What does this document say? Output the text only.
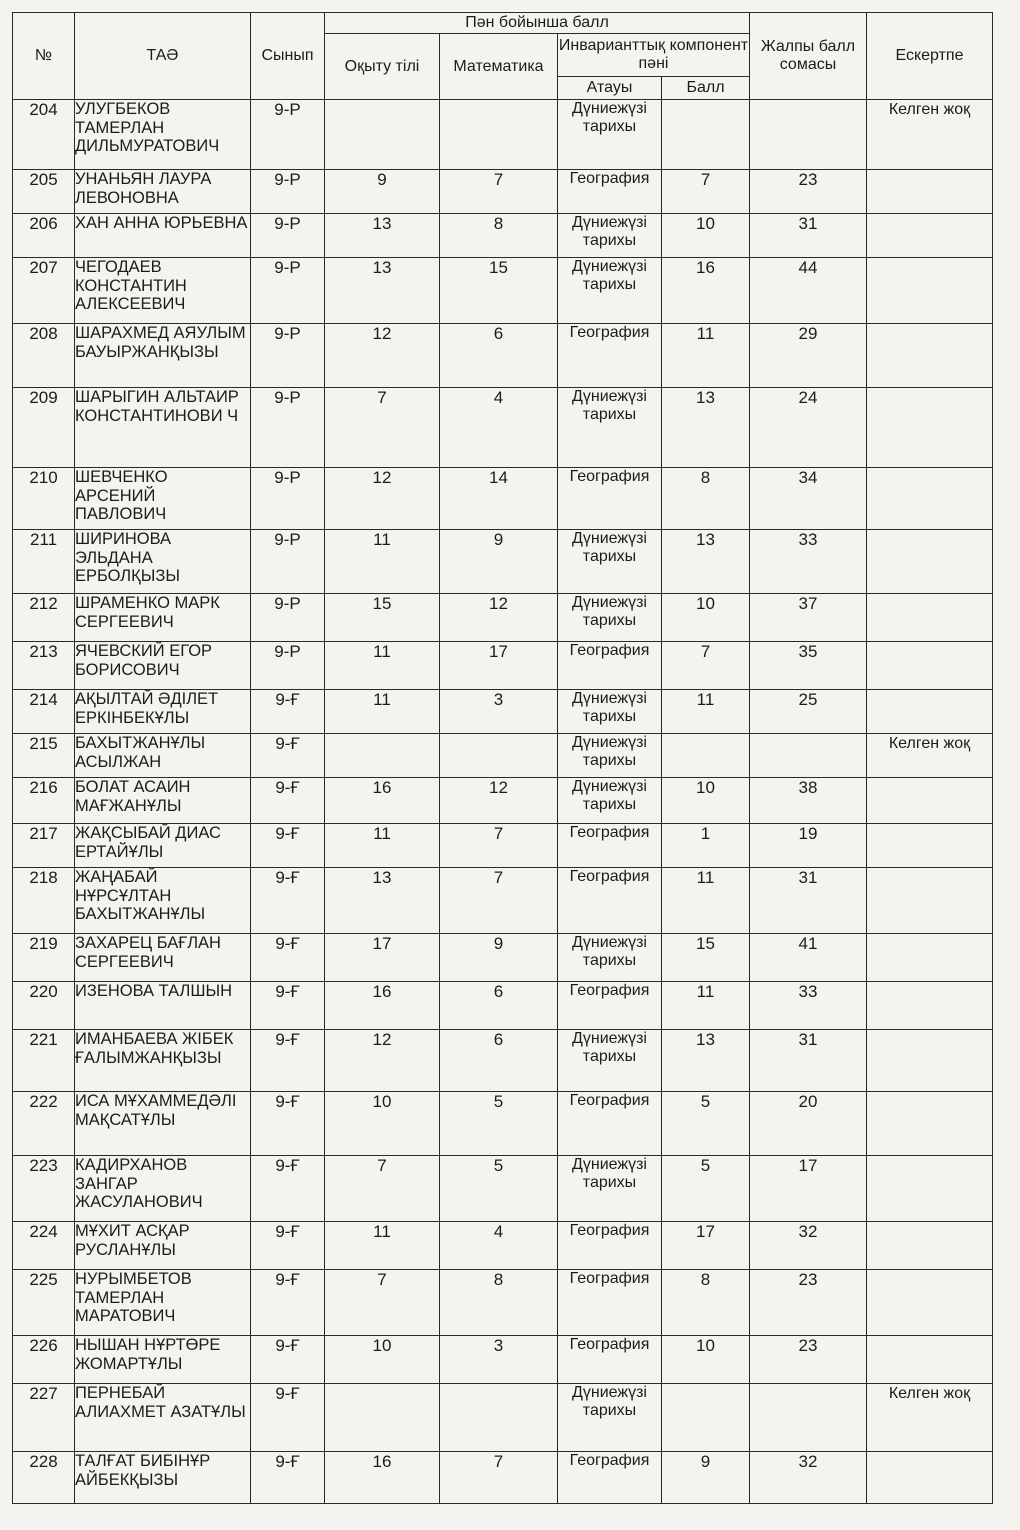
№	ТАӘ	Сынып	Пән бойынша балл				Жалпы балл сомасы	Ескертпе
			Оқыту тілі	Математика	Инварианттық компонент пәні			
					Атауы	Балл		
204	УЛУГБЕКОВ ТАМЕРЛАН ДИЛЬМУРАТОВИЧ	9-Р			Дүниежүзі тарихы			Келген жоқ
205	УНАНЬЯН ЛАУРА ЛЕВОНОВНА	9-Р	9	7	География	7	23	
206	ХАН АННА ЮРЬЕВНА	9-Р	13	8	Дүниежүзі тарихы	10	31	
207	ЧЕГОДАЕВ КОНСТАНТИН АЛЕКСЕЕВИЧ	9-Р	13	15	Дүниежүзі тарихы	16	44	
208	ШАРАХМЕД АЯУЛЫМ БАУЫРЖАНҚЫЗЫ	9-Р	12	6	География	11	29	
209	ШАРЫГИН АЛЬТАИР КОНСТАНТИНОВИ Ч	9-Р	7	4	Дүниежүзі тарихы	13	24	
210	ШЕВЧЕНКО АРСЕНИЙ ПАВЛОВИЧ	9-Р	12	14	География	8	34	
211	ШИРИНОВА ЭЛЬДАНА ЕРБОЛҚЫЗЫ	9-Р	11	9	Дүниежүзі тарихы	13	33	
212	ШРАМЕНКО МАРК СЕРГЕЕВИЧ	9-Р	15	12	Дүниежүзі тарихы	10	37	
213	ЯЧЕВСКИЙ ЕГОР БОРИСОВИЧ	9-Р	11	17	География	7	35	
214	АҚЫЛТАЙ ӘДІЛЕТ ЕРКІНБЕКҰЛЫ	9-Ғ	11	3	Дүниежүзі тарихы	11	25	
215	БАХЫТЖАНҰЛЫ АСЫЛЖАН	9-Ғ			Дүниежүзі тарихы			Келген жоқ
216	БОЛАТ АСАИН МАҒЖАНҰЛЫ	9-Ғ	16	12	Дүниежүзі тарихы	10	38	
217	ЖАҚСЫБАЙ ДИАС ЕРТАЙҰЛЫ	9-Ғ	11	7	География	1	19	
218	ЖАҢАБАЙ НҰРСҰЛТАН БАХЫТЖАНҰЛЫ	9-Ғ	13	7	География	11	31	
219	ЗАХАРЕЦ БАҒЛАН СЕРГЕЕВИЧ	9-Ғ	17	9	Дүниежүзі тарихы	15	41	
220	ИЗЕНОВА ТАЛШЫН	9-Ғ	16	6	География	11	33	
221	ИМАНБАЕВА ЖІБЕК ҒАЛЫМЖАНҚЫЗЫ	9-Ғ	12	6	Дүниежүзі тарихы	13	31	
222	ИСА МҰХАММЕДӘЛІ МАҚСАТҰЛЫ	9-Ғ	10	5	География	5	20	
223	КАДИРХАНОВ ЗАНГАР ЖАСУЛАНОВИЧ	9-Ғ	7	5	Дүниежүзі тарихы	5	17	
224	МҰХИТ АСҚАР РУСЛАНҰЛЫ	9-Ғ	11	4	География	17	32	
225	НУРЫМБЕТОВ ТАМЕРЛАН МАРАТОВИЧ	9-Ғ	7	8	География	8	23	
226	НЫШАН НҰРТӨРЕ ЖОМАРТҰЛЫ	9-Ғ	10	3	География	10	23	
227	ПЕРНЕБАЙ АЛИАХМЕТ АЗАТҰЛЫ	9-Ғ			Дүниежүзі тарихы			Келген жоқ
228	ТАЛҒАТ БИБІНҰР АЙБЕКҚЫЗЫ	9-Ғ	16	7	География	9	32	
